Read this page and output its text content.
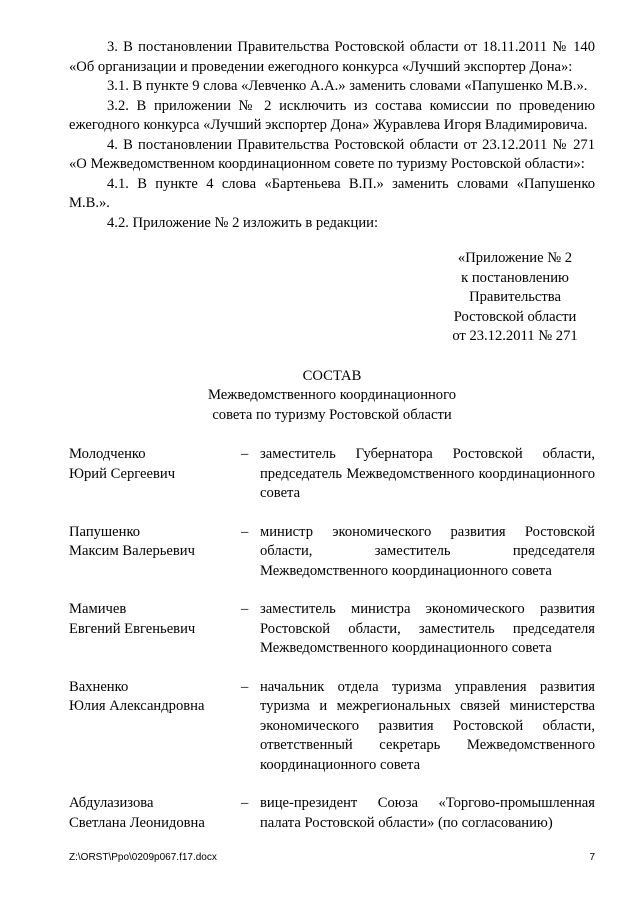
3. В постановлении Правительства Ростовской области от 18.11.2011 № 140 «Об организации и проведении ежегодного конкурса «Лучший экспортер Дона»:

3.1. В пункте 9 слова «Левченко А.А.» заменить словами «Папушенко М.В.».

3.2. В приложении № 2 исключить из состава комиссии по проведению ежегодного конкурса «Лучший экспортер Дона» Журавлева Игоря Владимировича.

4. В постановлении Правительства Ростовской области от 23.12.2011 № 271 «О Межведомственном координационном совете по туризму Ростовской области»:

4.1. В пункте 4 слова «Бартеньева В.П.» заменить словами «Папушенко М.В.».

4.2. Приложение № 2 изложить в редакции:

«Приложение № 2
к постановлению
Правительства
Ростовской области
от 23.12.2011 № 271
СОСТАВ
Межведомственного координационного
совета по туризму Ростовской области
Молодченко
Юрий Сергеевич
– заместитель Губернатора Ростовской области, председатель Межведомственного координационного совета
Папушенко
Максим Валерьевич
– министр экономического развития Ростовской области, заместитель председателя Межведомственного координационного совета
Мамичев
Евгений Евгеньевич
– заместитель министра экономического развития Ростовской области, заместитель председателя Межведомственного координационного совета
Вахненко
Юлия Александровна
– начальник отдела туризма управления развития туризма и межрегиональных связей министерства экономического развития Ростовской области, ответственный секретарь Межведомственного координационного совета
Абдулазизова
Светлана Леонидовна
– вице-президент Союза «Торгово-промышленная палата Ростовской области» (по согласованию)
Z:\ORST\Ppo\0209p067.f17.docx	7
